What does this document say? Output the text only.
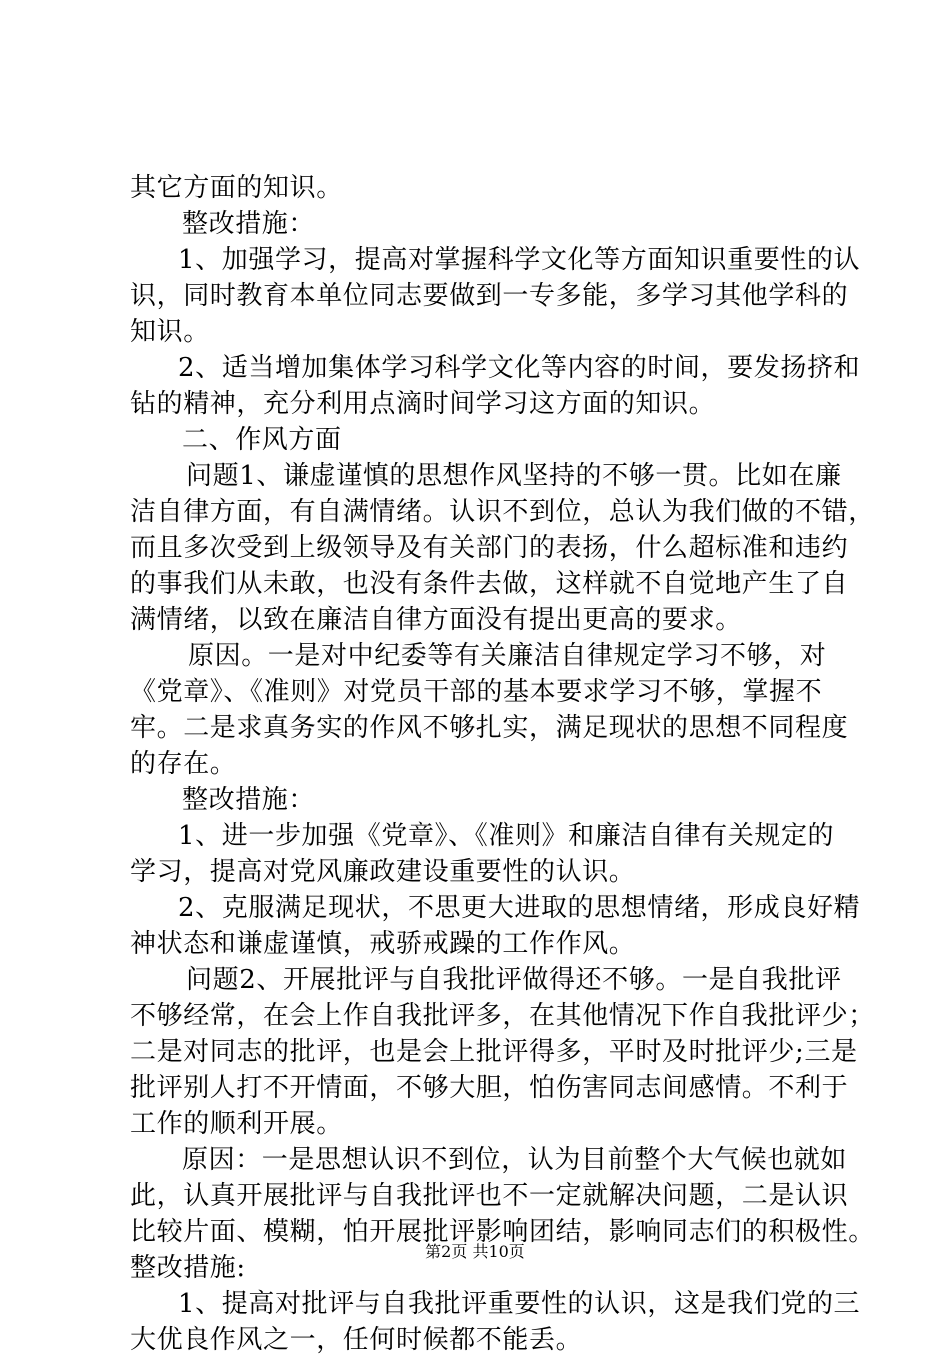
其它方面的知识。
整改措施：
1、加强学习，提高对掌握科学文化等方面知识重要性的认
识，同时教育本单位同志要做到一专多能，多学习其他学科的
知识。
2、适当增加集体学习科学文化等内容的时间，要发扬挤和
钻的精神，充分利用点滴时间学习这方面的知识。
二、作风方面
问题1、谦虚谨慎的思想作风坚持的不够一贯。比如在廉
洁自律方面，有自满情绪。认识不到位，总认为我们做的不错，
而且多次受到上级领导及有关部门的表扬，什么超标准和违约
的事我们从未敢，也没有条件去做，这样就不自觉地产生了自
满情绪，以致在廉洁自律方面没有提出更高的要求。
原因。一是对中纪委等有关廉洁自律规定学习不够，对
《党章》、《准则》对党员干部的基本要求学习不够，掌握不
牢。二是求真务实的作风不够扎实，满足现状的思想不同程度
的存在。
整改措施：
1、进一步加强《党章》、《准则》和廉洁自律有关规定的
学习，提高对党风廉政建设重要性的认识。
2、克服满足现状，不思更大进取的思想情绪，形成良好精
神状态和谦虚谨慎，戒骄戒躁的工作作风。
问题2、开展批评与自我批评做得还不够。一是自我批评
不够经常，在会上作自我批评多，在其他情况下作自我批评少；
二是对同志的批评，也是会上批评得多，平时及时批评少;三是
批评别人打不开情面，不够大胆，怕伤害同志间感情。不利于
工作的顺利开展。
原因：一是思想认识不到位，认为目前整个大气候也就如
此，认真开展批评与自我批评也不一定就解决问题，二是认识
比较片面、模糊，怕开展批评影响团结，影响同志们的积极性。
整改措施:
1、提高对批评与自我批评重要性的认识，这是我们党的三
大优良作风之一，任何时候都不能丢。
第2页 共10页
